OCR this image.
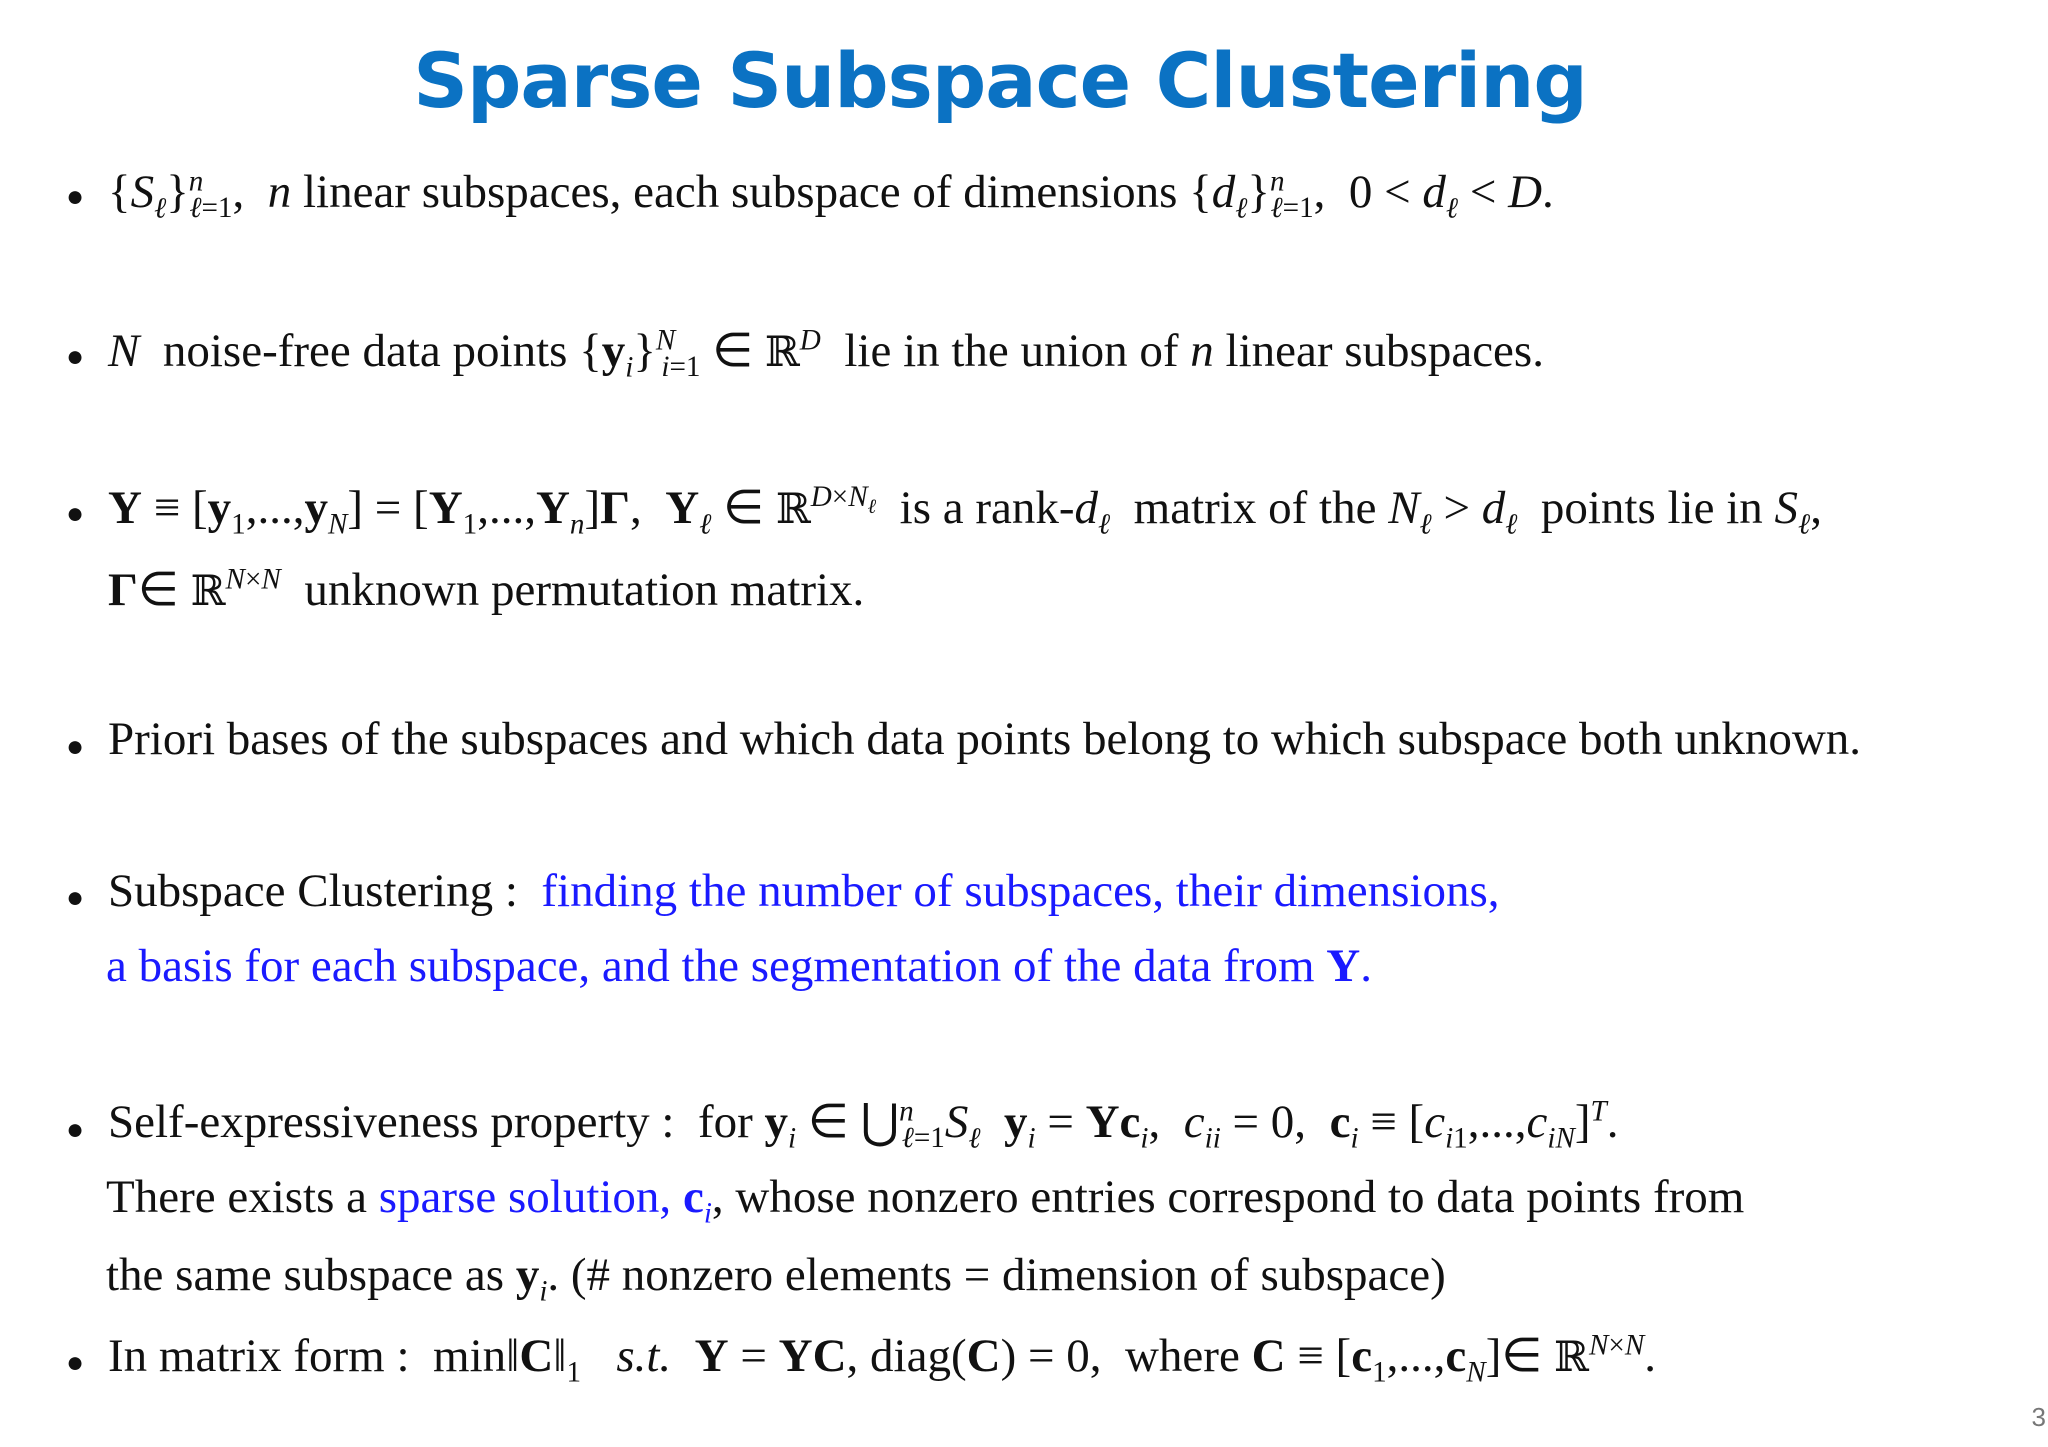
Sparse Subspace Clustering
● $\{S_\ell\}^n_{\ell=1}$,  n linear subspaces, each subspace of dimensions $\{d_\ell\}^n_{\ell=1}$,  $0 < d_\ell < D$.
● N noise-free data points $\{y_i\}^N_{i=1}$ ∈ ℝ$^D$ lie in the union of n linear subspaces.
● $Y \equiv [y_1,...,y_N] = [Y_1,...,Y_n]\Gamma$,  $Y_\ell$ ∈ ℝ$^{D\times N_\ell}$ is a rank-$d_\ell$ matrix of the $N_\ell > d_\ell$ points lie in $S_\ell$,
Γ∈ ℝ$^{N\times N}$ unknown permutation matrix.
● Priori bases of the subspaces and which data points belong to which subspace both unknown.
● Subspace Clustering : finding the number of subspaces, their dimensions,
a basis for each subspace, and the segmentation of the data from Y.
● Self-expressiveness property : for $y_i$ ∈ $⋃^n_{\ell=1}S_\ell$ $y_i = Yc_i$,  $c_{ii} = 0$,  $c_i \equiv [c_{i1},...,c_{iN}]^T$.
There exists a sparse solution, $c_i$, whose nonzero entries correspond to data points from
the same subspace as $y_i$. (# nonzero elements = dimension of subspace)
● In matrix form : $\min‖C‖_1$ s.t. Y = YC, diag(C) = 0,  where $C \equiv [c_1,...,c_N]\in$ ℝ$^{N\times N}$.
3
